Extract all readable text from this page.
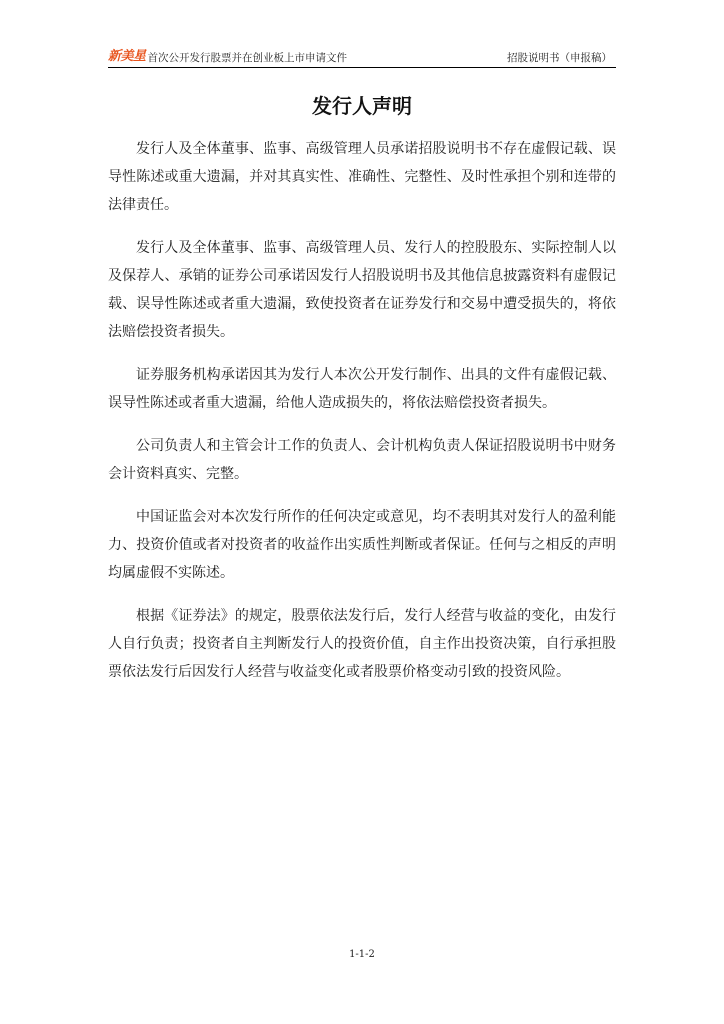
新美星 首次公开发行股票并在创业板上市申请文件	招股说明书（申报稿）
发行人声明

发行人及全体董事、监事、高级管理人员承诺招股说明书不存在虚假记载、误导性陈述或重大遗漏，并对其真实性、准确性、完整性、及时性承担个别和连带的法律责任。

发行人及全体董事、监事、高级管理人员、发行人的控股股东、实际控制人以及保荐人、承销的证券公司承诺因发行人招股说明书及其他信息披露资料有虚假记载、误导性陈述或者重大遗漏，致使投资者在证券发行和交易中遭受损失的，将依法赔偿投资者损失。

证券服务机构承诺因其为发行人本次公开发行制作、出具的文件有虚假记载、误导性陈述或者重大遗漏，给他人造成损失的，将依法赔偿投资者损失。

公司负责人和主管会计工作的负责人、会计机构负责人保证招股说明书中财务会计资料真实、完整。

中国证监会对本次发行所作的任何决定或意见，均不表明其对发行人的盈利能力、投资价值或者对投资者的收益作出实质性判断或者保证。任何与之相反的声明均属虚假不实陈述。

根据《证券法》的规定，股票依法发行后，发行人经营与收益的变化，由发行人自行负责；投资者自主判断发行人的投资价值，自主作出投资决策，自行承担股票依法发行后因发行人经营与收益变化或者股票价格变动引致的投资风险。

1-1-2
